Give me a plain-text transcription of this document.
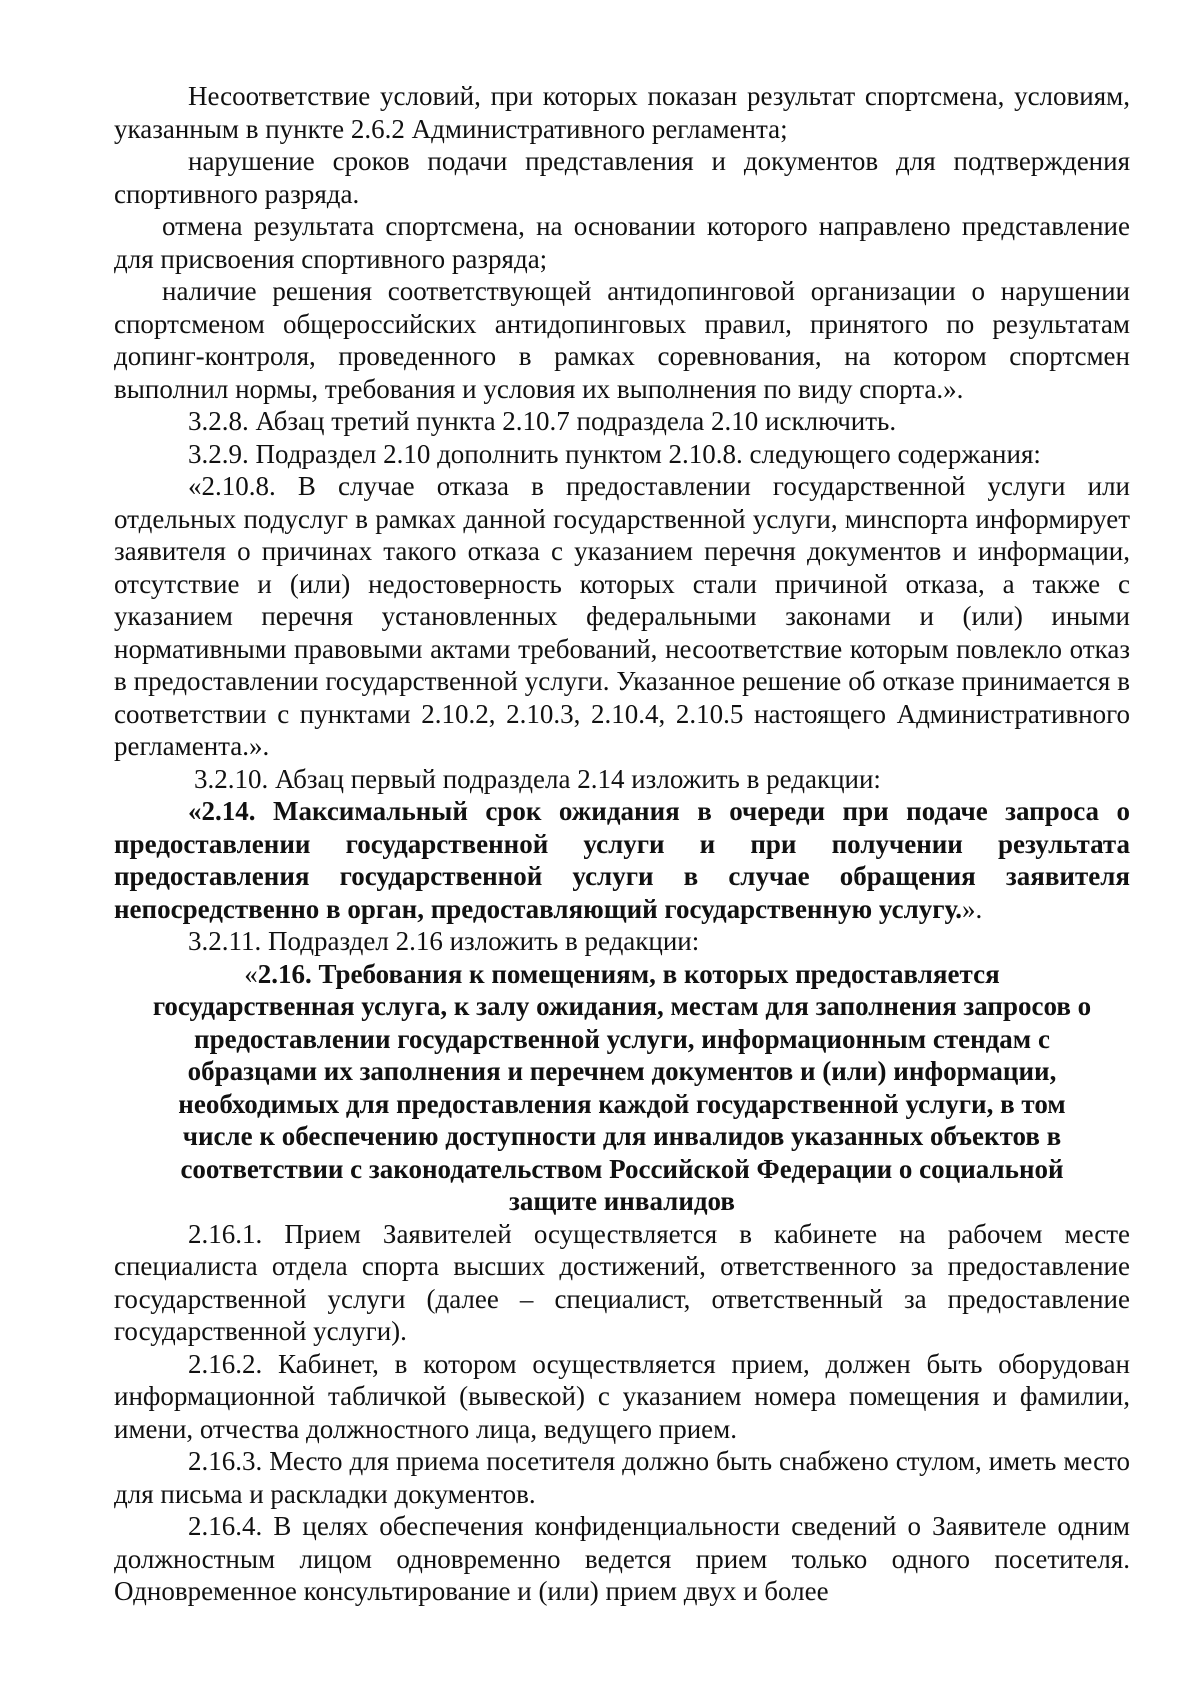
Несоответствие условий, при которых показан результат спортсмена, условиям, указанным в пункте 2.6.2 Административного регламента;

нарушение сроков подачи представления и документов для подтверждения спортивного разряда.

отмена результата спортсмена, на основании которого направлено представление для присвоения спортивного разряда;

наличие решения соответствующей антидопинговой организации о нарушении спортсменом общероссийских антидопинговых правил, принятого по результатам допинг-контроля, проведенного в рамках соревнования, на котором спортсмен выполнил нормы, требования и условия их выполнения по виду спорта.».

3.2.8. Абзац третий пункта 2.10.7 подраздела 2.10 исключить.

3.2.9. Подраздел 2.10 дополнить пунктом 2.10.8. следующего содержания:

«2.10.8. В случае отказа в предоставлении государственной услуги или отдельных подуслуг в рамках данной государственной услуги, минспорта информирует заявителя о причинах такого отказа с указанием перечня документов и информации, отсутствие и (или) недостоверность которых стали причиной отказа, а также с указанием перечня установленных федеральными законами и (или) иными нормативными правовыми актами требований, несоответствие которым повлекло отказ в предоставлении государственной услуги. Указанное решение об отказе принимается в соответствии с пунктами 2.10.2, 2.10.3, 2.10.4, 2.10.5 настоящего Административного регламента.».

3.2.10. Абзац первый подраздела 2.14 изложить в редакции:

«2.14. Максимальный срок ожидания в очереди при подаче запроса о предоставлении государственной услуги и при получении результата предоставления государственной услуги в случае обращения заявителя непосредственно в орган, предоставляющий государственную услугу.».

3.2.11. Подраздел 2.16 изложить в редакции:

«2.16. Требования к помещениям, в которых предоставляется государственная услуга, к залу ожидания, местам для заполнения запросов о предоставлении государственной услуги, информационным стендам с образцами их заполнения и перечнем документов и (или) информации, необходимых для предоставления каждой государственной услуги, в том числе к обеспечению доступности для инвалидов указанных объектов в соответствии с законодательством Российской Федерации о социальной защите инвалидов

2.16.1. Прием Заявителей осуществляется в кабинете на рабочем месте специалиста отдела спорта высших достижений, ответственного за предоставление государственной услуги (далее – специалист, ответственный за предоставление государственной услуги).

2.16.2. Кабинет, в котором осуществляется прием, должен быть оборудован информационной табличкой (вывеской) с указанием номера помещения и фамилии, имени, отчества должностного лица, ведущего прием.

2.16.3. Место для приема посетителя должно быть снабжено стулом, иметь место для письма и раскладки документов.

2.16.4. В целях обеспечения конфиденциальности сведений о Заявителе одним должностным лицом одновременно ведется прием только одного посетителя. Одновременное консультирование и (или) прием двух и более
